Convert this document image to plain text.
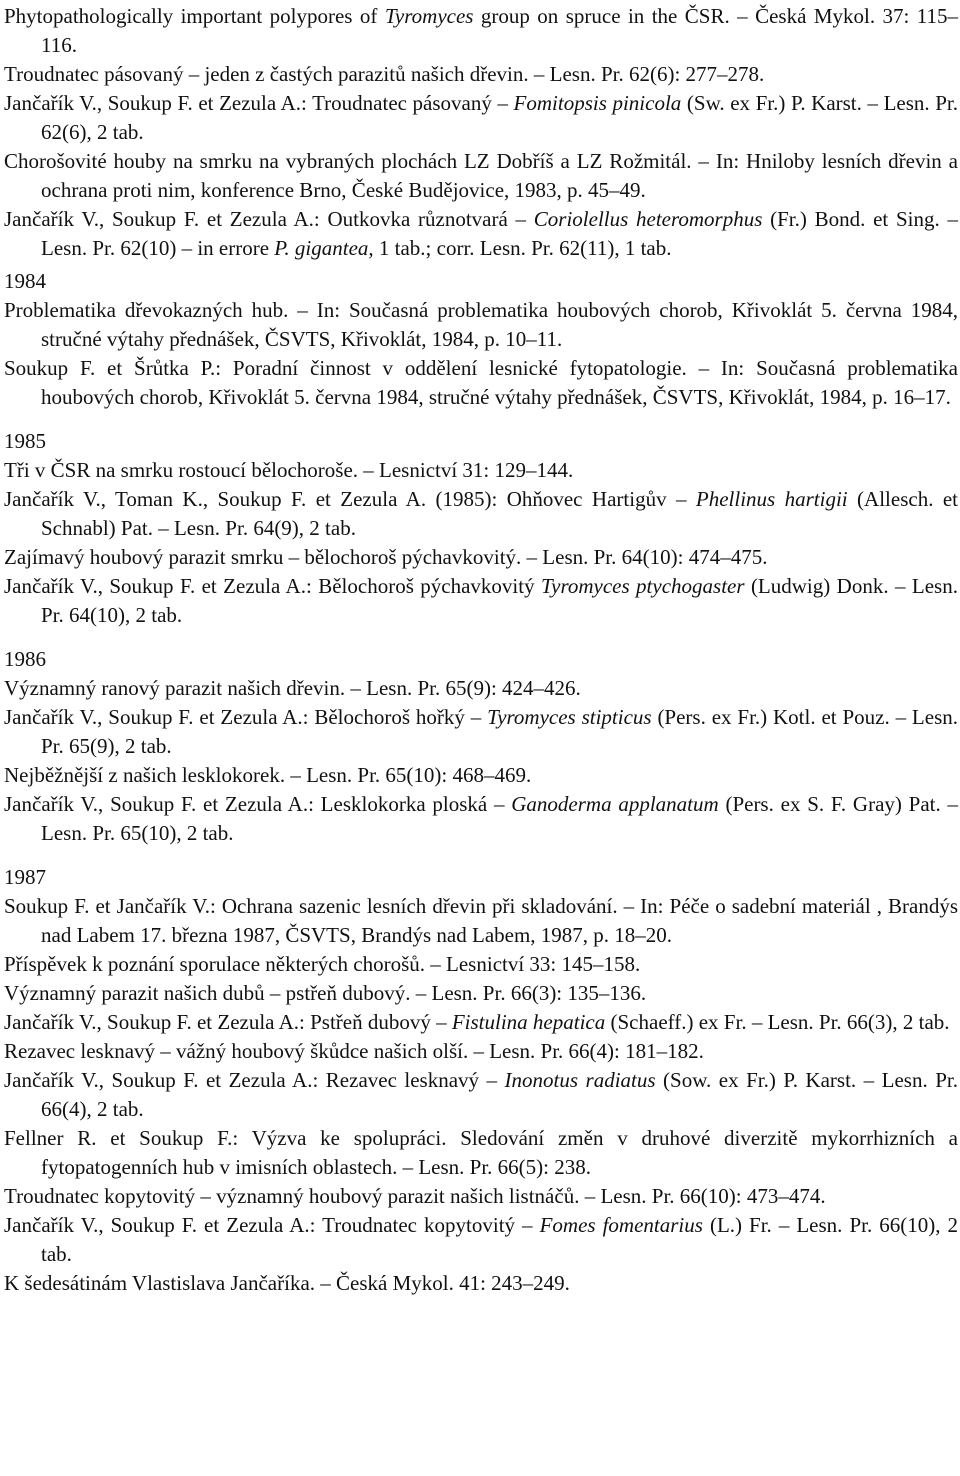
Phytopathologically important polypores of Tyromyces group on spruce in the ČSR. – Česká Mykol. 37: 115–116.

Troudnatec pásovaný – jeden z častých parazitů našich dřevin. – Lesn. Pr. 62(6): 277–278.

Jančařík V., Soukup F. et Zezula A.: Troudnatec pásovaný – Fomitopsis pinicola (Sw. ex Fr.) P. Karst. – Lesn. Pr. 62(6), 2 tab.

Chorošovité houby na smrku na vybraných plochách LZ Dobříš a LZ Rožmitál. – In: Hniloby lesních dřevin a ochrana proti nim, konference Brno, České Budějovice, 1983, p. 45–49.

Jančařík V., Soukup F. et Zezula A.: Outkovka různotvará – Coriolellus heteromorphus (Fr.) Bond. et Sing. – Lesn. Pr. 62(10) – in errore P. gigantea, 1 tab.; corr. Lesn. Pr. 62(11), 1 tab.

1984

Problematika dřevokazných hub. – In: Současná problematika houbových chorob, Křivoklát 5. června 1984, stručné výtahy přednášek, ČSVTS, Křivoklát, 1984, p. 10–11.

Soukup F. et Šrůtka P.: Poradní činnost v oddělení lesnické fytopatologie. – In: Současná problematika houbových chorob, Křivoklát 5. června 1984, stručné výtahy přednášek, ČSVTS, Křivoklát, 1984, p. 16–17.

1985

Tři v ČSR na smrku rostoucí bělochoroše. – Lesnictví 31: 129–144.

Jančařík V., Toman K., Soukup F. et Zezula A. (1985): Ohňovec Hartigův – Phellinus hartigii (Allesch. et Schnabl) Pat. – Lesn. Pr. 64(9), 2 tab.

Zajímavý houbový parazit smrku – bělochoroš pýchavkovitý. – Lesn. Pr. 64(10): 474–475.

Jančařík V., Soukup F. et Zezula A.: Bělochoroš pýchavkovitý Tyromyces ptychogaster (Ludwig) Donk. – Lesn. Pr. 64(10), 2 tab.

1986

Významný ranový parazit našich dřevin. – Lesn. Pr. 65(9): 424–426.

Jančařík V., Soukup F. et Zezula A.: Bělochoroš hořký – Tyromyces stipticus (Pers. ex Fr.) Kotl. et Pouz. – Lesn. Pr. 65(9), 2 tab.

Nejběžnější z našich lesklokorek. – Lesn. Pr. 65(10): 468–469.

Jančařík V., Soukup F. et Zezula A.: Lesklokorka ploská – Ganoderma applanatum (Pers. ex S. F. Gray) Pat. – Lesn. Pr. 65(10), 2 tab.

1987

Soukup F. et Jančařík V.: Ochrana sazenic lesních dřevin při skladování. – In: Péče o sadební materiál , Brandýs nad Labem 17. března 1987, ČSVTS, Brandýs nad Labem, 1987, p. 18–20.

Příspěvek k poznání sporulace některých chorošů. – Lesnictví 33: 145–158.

Významný parazit našich dubů – pstřeň dubový. – Lesn. Pr. 66(3): 135–136.

Jančařík V., Soukup F. et Zezula A.: Pstřeň dubový – Fistulina hepatica (Schaeff.) ex Fr. – Lesn. Pr. 66(3), 2 tab.

Rezavec lesknavý – vážný houbový škůdce našich olší. – Lesn. Pr. 66(4): 181–182.

Jančařík V., Soukup F. et Zezula A.: Rezavec lesknavý – Inonotus radiatus (Sow. ex Fr.) P. Karst. – Lesn. Pr. 66(4), 2 tab.

Fellner R. et Soukup F.: Výzva ke spolupráci. Sledování změn v druhové diverzitě mykorrhizních a fytopatogenních hub v imisních oblastech. – Lesn. Pr. 66(5): 238.

Troudnatec kopytovitý – významný houbový parazit našich listnáčů. – Lesn. Pr. 66(10): 473–474.

Jančařík V., Soukup F. et Zezula A.: Troudnatec kopytovitý – Fomes fomentarius (L.) Fr. – Lesn. Pr. 66(10), 2 tab.

K šedesátinám Vlastislava Jančaříka. – Česká Mykol. 41: 243–249.
